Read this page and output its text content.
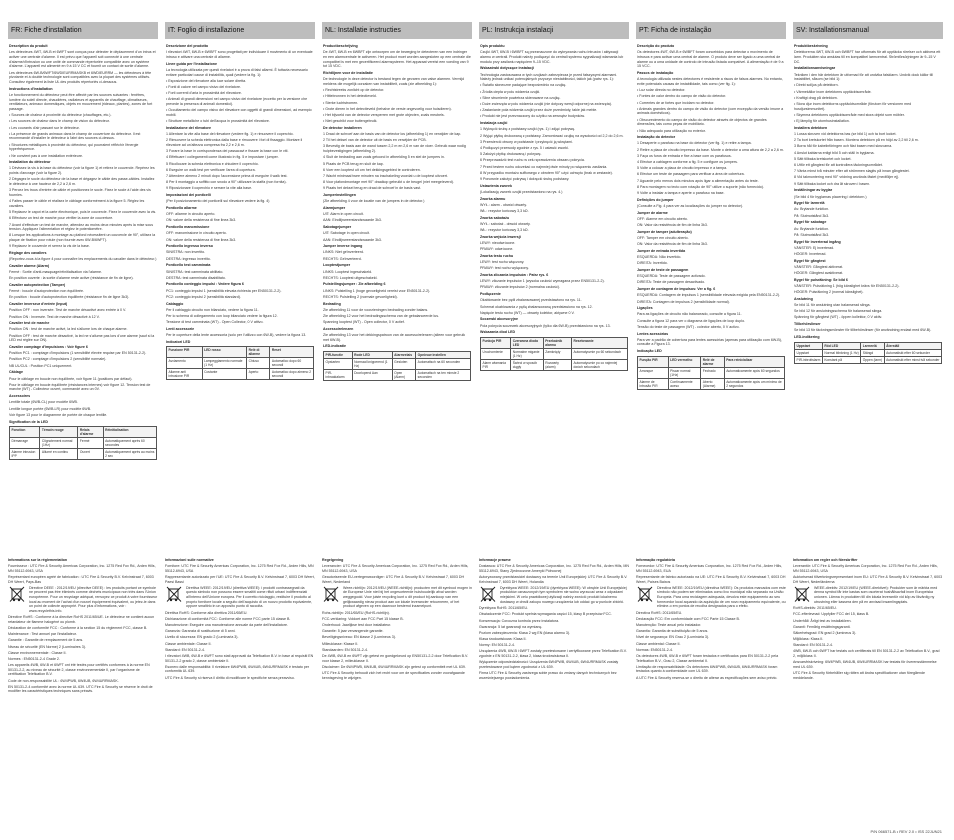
FR: Fiche d'installation

Description du produit

Les détecteurs 4WT, 4W-B et 6WFT sont conçus pour détecter le déplacement d'un intrus et activer une centrale d'alarme. Il est prévu que l'appareil soit connecté à une centrale d'alarme/d'intrusion ou une unité de commande répertoriée compatible avec un système d'alarme. L'appareil est alimenté en 9 à 15 V CC et fournit un contact de sortie d'alarme.

Les détecteurs 6W-B/6WFT/6WDIEURRMASKB et 6WDIEURRM — les détecteurs à tête pivotante et à double technologie sont compatibles avec la plupart des systèmes utilisés. Consultez également la liste UL des produits répertoriés ci-dessous.

Instructions d'installation

Le fonctionnement du détecteur peut être affecté par les sources suivantes : fenêtres, lumière du soleil directe, chaudières, radiateurs et appareils de chauffage, climatiseurs, ventilateurs, animaux domestiques, objets en mouvement (rideaux, plantes), zones de fort passage.

• Sources de chaleur à proximité du détecteur (chauffages, etc.).

• Les sources de chaleur dans le champ de vision du détecteur.

• Les courants d'air passant sur le détecteur.

• La présence de grands animaux dans le champ de couverture du détecteur. Il est recommandé d'installer le détecteur à l'abri des sources ci-dessus.

• Structures métalliques à proximité du détecteur, qui pourraient réfléchir l'énergie hyperfréquence.

• Ne convient pas à une installation extérieure.

Installation du détecteur

1 Dévissez la vis à la base du détecteur (voir la figure 1) et retirez le couvercle. Repérez les points d'ancrage (voir la figure 2).

2 Dégagez le socle du détecteur de la base et dégagez le câble des passe-câbles. Installez le détecteur à une hauteur de 2,2 à 2,6 m.

3 Percez les trous d'entrée de câble et positionnez le socle. Fixez le socle à l'aide des vis fournies.

4 Faites passer le câble et réalisez le câblage conformément à la figure 5. Réglez les cavaliers.

5 Replacez le capot et la carte électronique, puis le couvercle. Fixez le couvercle avec la vis.

6 Effectuez un test de marche pour vérifier la zone de couverture.

7 Avant d'effectuer un test de marche, attendez au moins deux minutes après la mise sous tension. Appliquez l'alimentation et réglez le potentiomètre.

8 Lorsque les applications à montage au plafond nécessitent un couvercle de 90°, utilisez la plaque de fixation pour rotule (non fournie avec 6W-B/6WFT).

9 Replacez le couvercle et serrez la vis de la base.

Réglage des cavaliers

(Reportez-vous à la figure 4 pour connaître les emplacements du cavalier dans le détecteur.)

Cavalier alarme (Alarm)

Fermé : Sortie d'anti-masquage/réinitialisation via l'alarme.

En position ouverte : la sortie d'alarme reste active (résistance de fin de ligne).

Cavalier autoprotection (Tamper)

Fermé : boucle d'autoprotection non équilibrée.

En position : boucle d'autoprotection équilibrée (résistance fin de ligne 3k3).

Cavalier inverseur d'entrée (Input)

Position OFF : non inversée. Test de marche désactivé avec entrée à 0 V.

Position ON : Inversée. Test de marche désactivé à 12 V.

Cavalier test de marche

Position ON : test de marche activé, la led s'allume lors de chaque alarme.

Position OFF : test de marche désactivé, la led ne s'allume pas lors d'une alarme (sauf si la LED est réglée sur ON).

Cavalier comptage d'impulsions : Voir figure 6

Position PC1 : comptage d'impulsions (1 sensibilité élevée requise par EN 50131-2-2).

Position PC2 : comptage d'impulsions 2 (sensibilité normale).

NB UL/CUL : Position PC1 uniquement.

Câblage

Pour le câblage en boucle non équilibrée, voir figure 11 (positions par défaut).

Pour le câblage en boucle équilibrée (résistances internes) voir figure 12. Tension test de marche (WT) - Collecteur ouvert, commandé avec un 0V.

Accessoires

Lentille totale (6WB-CL) pour modèle 6WB.

Lentille longue portée (6WB-LR) pour modèle 6WB.

Voir figure 13 pour le diagramme de portée de chaque lentille.

Signification de la LED

Fonction	Témoin rouge	Relais d'alarme	Réinitialisation
Démarrage	Clignotement normal (1Hz)	Fermé	Automatiquement après 60 secondes
Alarme intrusion IPP	Allumé en continu	Ouvert	Automatiquement après au moins 2 sec

Informations sur la réglementation

Fournisseur : UTC Fire & Security Americas Corporation, Inc. 1275 Red Fox Rd., Arden Hills, MN 55112-6943, USA

Représentant européen agréé de fabrication : UTC Fire & Security B.V. Kelvinstraat 7, 6003 DH Weert, Pays-Bas

Directive DEEE : 2012/19/EU (directive DEEE) : les produits portant ce symbole ne peuvent pas être éliminés comme déchets municipaux non triés dans l'Union européenne. Pour un recyclage adéquat, renvoyez ce produit à votre fournisseur local au moment de l'achat d'un nouvel équipement équivalent, ou jetez-le dans un point de collecte approprié. Pour plus d'informations, voir : www.recyclethis.info.

Directive RoHS : Conforme à la directive RoHS 2011/65/UE. Le détecteur ne contient aucun retardateur de flamme halogéné ou plomb.

Déclaration de conformité FCC : Conforme à la section 15 du règlement FCC, classe B.

Maintenance : Test annuel par l'installateur.

Garantie : Garantie de remplacement de 5 ans.

Niveau de sécurité (EN Norme) 2 (Luminaires 3).

Classe environnementale : Classe II.

Normes : EN50131-2-4 Grade 2.

Les appareils 4WB, 6W-B et 6WFT ont été testés pour certifiés conformes à la norme EN 50131-2-2, au niveau de sécurité 2, classe environnementale II, par l'organisme de certification Telefication B.V.

Code de non-responsabilité UL : 6W4PWB, 6W4UB, 6W4URRMASK.

EN 50131-2-4 conformité avec la norme UL 639. UTC Fire & Security se réserve le droit de modifier les caractéristiques techniques sans préavis.

IT: Foglio di installazione

Descrizione del prodotto

I rilevatori 4WT, 6W-B e 6WBFT sono progettati per individuare il movimento di un eventuale intruso e attivare una centrale di allarme.

Linee guida per l'installazione

La tecnologia utilizzata per questi rivelatori è a prova di falsi allarmi. È tuttavia necessario evitare particolari cause di instabilità, quali (vedere la fig. 1):

• Esposizione del rilevatore alla luce solare diretta.

• Fonti di calore nel campo visivo del rivelatore.

• Forti correnti d'aria in prossimità del rilevatore.

• Animali di grandi dimensioni nel campo visivo del rivelatore (eccetto per la versione che prevede la presenza di animali domestici).

• Occultamento del campo visivo del rilevatore con oggetti di grandi dimensioni, ad esempio mobili.

• Strutture metalliche o tubi dell'acqua in prossimità del rilevatore.

Installazione del rilevatore

1 Allentare la vite alla base del rilevatore (vedere fig. 1) e rimuovere il coperchio.

2 Rimuovere la scheda elettronica dalla base e rimuovere i fori di fissaggio. Montare il rilevatore ad un'altezza compresa fra 2,2 e 2,6 m.

3 Forare la base in corrispondenza dei passacavi e fissare la base con le viti.

4 Effettuare i collegamenti come illustrato in fig. 5 e impostare i jumper.

5 Ricollocare la scheda elettronica e chiudere il coperchio.

6 Eseguire un walk test per verificare l'area di copertura.

7 Attendere almeno 2 minuti dopo l'accensione prima di eseguire il walk test.

8 Per il montaggio a soffitto con snodo a 90° utilizzare la staffa (non fornita).

9 Riposizionare il coperchio e serrare la vite alla base.

Impostazioni dei ponticelli

(Per il posizionamento dei ponticelli sul rilevatore vedere la fig. 4)

Ponticello allarme

OFF: allarme in circuito aperto.

ON: valore della resistenza di fine linea 3k3.

Ponticello manomissione

OFF: manomissione in circuito aperto.

ON: valore della resistenza di fine linea 3k3.

Ponticello ingresso inverso

SINISTRA: non invertito.

DESTRA: ingresso invertito.

Ponticello test camminata

SINISTRA: test camminata abilitato.

DESTRA: test camminata disabilitato.

Ponticello conteggio impulsi : Vedere figura 6

PC1: conteggio impulsi 1 (sensibilità elevata richiesta per EN50131-2-2).

PC2: conteggio impulsi 2 (sensibilità standard).

Cablaggio

Per il cablaggio circuito non bilanciato, vedere la figura 11.

Per lo schema di collegamento con loop bilanciato vedere la figura 12.

Tensione di test camminata (WT) - Open Collector, 0 V attivo.

Lenti accessorie

Per le coperture della lente accessoria (solo per l'utilizzo con 6W-B), vedere la figura 13.

Indicatori LED

Funzione PIR	LED rosso	Relè di allarme	Reset
Avviamento	Lampeggiamento normale (1 Hz)	Chiuso	Automatico dopo 60 secondi
Allarme anti intrusione PIR	Costante	Aperto	Automatico dopo almeno 2 secondi

Informazioni sulle normative

Fornitore: UTC Fire & Security Americas Corporation, Inc. 1275 Red Fox Rd., Arden Hills, MN 55112-6943, USA

Rappresentante autorizzato per l'UE: UTC Fire & Security B.V. Kelvinstraat 7, 6003 DH Weert, Paesi Bassi

Direttiva WEEE: 2012/19/EU (direttiva WEEE): i prodotti contrassegnati da questo simbolo non possono essere smaltiti come rifiuti urbani indifferenziati all'interno dell'Unione europea. Per il corretto riciclaggio, restituire il prodotto al proprio fornitore locale a seguito dell'acquisto di un nuovo prodotto equivalente, oppure smaltirlo in un apposito punto di raccolta.

Direttiva RoHS: Conforme alla direttiva 2011/65/EU.

Dichiarazione di conformità FCC: Conforme alle norme FCC parte 15 classe B.

Manutenzione: Eseguire una manutenzione annuale da parte dell'installatore.

Garanzia: Garanzia di sostituzione di 5 anni.

Livello di sicurezza: EN grado 2 (Luminaria 3).

Classe ambientale: Classe II.

Standard: EN 50131-2-4.

I rilevatori 4WB, 6W-B e 6WFT sono stati approvati da Telefication B.V. in base ai requisiti EN 50131-2-2 grado 2, classe ambientale II.

Esonero dalle responsabilità: Il rivelatore 6W4PWB, 6W4UB, 6W4URRMASK è testato per conformità UL 639.

UTC Fire & Security si riserva il diritto di modificare le specifiche senza preavviso.

NL: Installatie instructies

Productbeschrijving

De 4WT, 6W-B en 6WBFT zijn ontworpen om de beweging te detecteren van een indringer en een alarmcentrale te activeren. Het product moet worden aangesloten op een centrale die compatibel is met een gecertificeerd alarmsysteem. Het apparaat vereist een voeding van 9 tot 15 VDC.

Richtlijnen voor de installatie

De technologie in deze detector is bestand tegen de gevaren van valse alarmen. Vermijd meldens die mogelijk oorzaken van instabiliteit, zoals (zie afbeelding 1):

• Rechtstreeks zonlicht op de detector.

• Hittebronnen in het detectieveld.

• Sterke luchtstromen.

• Grote dieren in het detectieveld (behalve de versie ongevoelig voor huisdieren).

• Het bijvoeld van de detector versperren met grote objecten, zoals meubels.

• Niet geschikt voor buitengebruik.

De detector installeren

1 Draai de schroef aan de basis van de detector los (afbeelding 1) en verwijder de kap.

2 Til het deksel van de detector uit de basis en verwijder de PCB.

3 Bevestig de basis aan de wand tussen 2,2 m en 2,6 m van de vloer. Gebruik waar nodig hulpbevestigingen (afbeelding 2).

4 Sluit de bedrading aan zoals getoond in afbeelding 5 en stel de jumpers in.

5 Plaats de PCB terug en sluit de kap.

6 Voer een looptest uit om het dekkingsgebied te controleren.

7 Wacht minimaal twee minuten na inschakeling voordat u de looptest uitvoert.

8 Voor plafondmontage met 90° draaikop gebruikt u de beugel (niet meegeleverd).

9 Plaats het deksel terug en draai de schroef in de basis vast.

Jumperinstellingen

(Zie afbeelding 4 voor de locatie van de jumpers in de detector.)

Alarmjumper

UIT: Alarm in open circuit.

AAN: Eindlijnweerstandswaarde 3k3.

Sabotagejumper

UIT: Sabotage in open circuit.

AAN: Eindlijnweerstandswaarde 3k3.

Jumper inverse ingang

LINKS: Niet geïnverteerd.

RECHTS: Geïnverteerd.

Looptestjumper

LINKS: Looptest ingeschakeld.

RECHTS: Looptest uitgeschakeld.

Pulstellingsjumper : Zie afbeelding 6

LINKS: Pulstelling 1 (hoge gevoeligheid vereist voor EN50131-2-2).

RECHTS: Pulstelling 2 (normale gevoeligheid).

Bedrading

Zie afbeelding 11 voor de voorzieningen bedrading zonder balans.

Zie afbeelding 12 voor het bedradingsschema van de gebalanceerde lus.

Spanning looptest (WT) - Open collector, 0 V actief.

Accessoirelenzen

Zie afbeelding 13 voor het dekkingspatroon van de accessoirelenzen (alleen voor gebruik met 6W-B).

LED-indicatie

PIR-functie	Rode LED	Alarmrelais	Opnieuw instellen
Opstarten	Normaal knipperend (1 Hz)	Gesloten	Automatisch na 60 seconden
PIR-inbraakalarm	Doorlopend Aan	Open (Alarm)	Automatisch na ten minste 2 seconden

Regelgeving

Leverancier: UTC Fire & Security Americas Corporation, Inc. 1275 Red Fox Rd., Arden Hills, MN 55112-6943, USA

Geautoriseerde EU-vertegenwoordiger: UTC Fire & Security B.V. Kelvinstraat 7, 6003 DH Weert, Nederland

Weee-richtlijn: 2012/19/EU (WEEE-richtlijn): producten met dit symbool mogen in de Europese Unie niet bij het ongesorteerde huishoudelijk afval worden weggegooid. Voor juiste recycling kunt u dit product bij aankoop van een gelijkwaardig nieuw product aan uw lokale leverancier retourneren, of het product afgeven op een daarvoor bestemd inzamelpunt.

Rohs-richtlijn: 2011/65/EU (RoHS-richtlijn).

FCC-verklaring: Voldoet aan FCC Part 15 klasse B.

Onderhoud: Jaarlijkse test door installateur.

Garantie: 5 jaar vervangende garantie.

Beveiligingsniveau: EN klasse 2 (Lumineus 3).

Milieuklasse: Klasse II.

Standaarden: EN 50131-2-4.

De 4WB, 6W-B en 6WFT zijn getest en goedgekeurd op EN50131-2-2 door Telefication B.V. voor klasse 2, milieuklasse II.

Disclaimer: De 6W4PWB, 6W4UB, 6W4URRMASK zijn getest op conformiteit met UL 639.

UTC Fire & Security behoudt zich het recht voor om de specificaties zonder voorafgaande kennisgeving te wijzigen.

PL: Instrukcja instalacji

Opis produktu

Czujki 4WT, 6W-B i 6WBFT są przeznaczone do wykrywania ruchu intruzów i aktywacji alarmu w centrali. Produkt należy podłączyć do centrali systemu sygnalizacji włamania lub modułu przy zasilaniu napięciem 9–15 VDC.

Wskazówki dotyczące instalacji

Technologia zastosowana w tych czujkach zabezpiecza je przed fałszywymi alarmami. Należy jednak unikać potencjalnych przyczyn niestabilności, takich jak (patrz rys. 1):

• Światło słoneczne padające bezpośrednio na czujkę.

• Źródła ciepła w polu widzenia czujki.

• Silne strumienie powietrza skierowane na czujkę.

• Duże zwierzęta w polu widzenia czujki (nie dotyczy wersji odpornej na zwierzęta).

• Zasłanianie pola widzenia czujki przez duże przedmioty, takie jak meble.

• Produkt nie jest przeznaczony do użytku na zewnątrz budynków.

Instalacja czujki

1 Wykręcić śrubę z podstawy czujki (rys. 1) i zdjąć pokrywę.

2 Wyjąć płytkę drukowaną z podstawy. Zamontować czujkę na wysokości od 2,2 do 2,6 m.

3 Przewiercić otwory w podstawie i przykręcić ją wkrętami.

4 Podłączyć przewody zgodnie z rys. 5 i ustawić zworki.

5 Założyć płytkę drukowaną i pokrywę.

6 Przeprowadzić test ruchu w celu sprawdzenia obszaru pokrycia.

7 Przed testem ruchu odczekać co najmniej dwie minuty po włączeniu zasilania.

8 W przypadku montażu sufitowego z obrotem 90° użyć uchwytu (brak w zestawie).

9 Ponownie założyć pokrywę i dokręcić śrubę podstawy.

Ustawienia zworek

(Lokalizację zworek czujki przedstawiono na rys. 4.)

Zworka alarmu

WYŁ.: alarm - obwód otwarty.

WŁ.: rezystor końcowy 3,3 kΩ.

Zworka sabotażu

WYŁ.: sabotaż - obwód otwarty.

WŁ.: rezystor końcowy 3,3 kΩ.

Zworka wejścia inwersji

LEWY: nieodwrócone.

PRAWY: odwrócone.

Zworka testu ruchu

LEWY: test ruchu włączony.

PRAWY: test ruchu wyłączony.

Zworka zliczania impulsów : Patrz rys. 6

LEWY: zliczanie impulsów 1 (wysoka czułość wymagana przez EN50131-2-2).

PRAWY: zliczanie impulsów 2 (normalna czułość).

Podłączenie

Okablowanie bez pętli zbalansowanej przedstawiono na rys. 11.

Schemat okablowania z pętlą zbalansowaną przedstawiono na rys. 12.

Napięcie testu ruchu (WT) — otwarty kolektor, aktywne 0 V.

Soczewki akcesoryjne

Pola pokrycia soczewek akcesoryjnych (tylko dla 6W-B) przedstawiono na rys. 13.

Wskazania diod LED

Funkcja PIR	Czerwona dioda LED	Przekaźnik alarmu	Resetowanie
Uruchomienie	Normalne miganie (1 Hz)	Zamknięty	Automatycznie po 60 sekundach
Alarm włamania PIR	Świeci w sposób ciągły	Rozwarty (alarm)	Automatycznie po co najmniej dwóch sekundach

Informacje prawne

Dostawca: UTC Fire & Security Americas Corporation, Inc. 1275 Red Fox Rd., Arden Hills, MN 55112-6943, Stany Zjednoczone Ameryki Północnej

Autoryzowany przedstawiciel dostawcy na terenie Unii Europejskiej: UTC Fire & Security B.V. Kelvinstraat 7, 6003 DH Weert, Holandia

Dyrektywa WEEE: 2012/19/EU (dyrektywa WEEE): W obrębie Unii Europejskiej produktów oznaczonych tym symbolem nie wolno wyrzucać wraz z odpadami miejskimi. W celu prawidłowej utylizacji należy zwrócić produkt lokalnemu dostawcy w chwili zakupu nowego urządzenia lub oddać go w punkcie zbiórki.

Dyrektywa RoHS: 2011/65/EU.

Oświadczenie FCC: Produkt spełnia wymagania części 15, klasy B przepisów FCC.

Konserwacja: Coroczna kontrola przez instalatora.

Gwarancja: 5 lat gwarancji na wymianę.

Poziom zabezpieczenia: Klasa 2 wg EN (klasa alarmu 3).

Klasa środowiskowa: Klasa II.

Normy: EN 50131-2-4.

Urządzenia 4WB, 6W-B i 6WFT zostały przetestowane i certyfikowane przez Telefication B.V. zgodnie z EN 50131-2-2, klasa 2, klasa środowiskowa II.

Wyłączenie odpowiedzialności: Urządzenia 6W4PWB, 6W4UB, 6W4URRMASK zostały przetestowane pod kątem zgodności z UL 639.

Firma UTC Fire & Security zastrzega sobie prawo do zmiany danych technicznych bez wcześniejszego powiadomienia.

PT: Ficha de instalação

Descrição do produto

Os detectores 4WT, 6W-B e 6WBFT foram concebidos para detectar o movimento de intrusos e para activar uma central de alarme. O produto deve ser ligado a uma central de alarme ou a uma unidade de controlo de intrusão listada compatível. A alimentação é de 9 a 15 VCC.

Passos de instalação

A tecnologia utilizada nestes detectores é resistente a riscos de falsos alarmes. No entanto, evite potenciais causas de instabilidade, tais como (ver fig. 1):

• Luz solar directa no detector.

• Fontes de calor dentro do campo de visão do detector.

• Correntes de ar fortes que incidam no detector.

• Animais grandes dentro do campo de visão do detector (com excepção da versão imune a animais domésticos).

• Obscurecimento do campo de visão do detector através de objectos de grandes dimensões, tais como peças de mobiliário.

• Não adequado para utilização no exterior.

Instalação do detector

1 Desaperte o parafuso na base do detector (ver fig. 1) e retire a tampa.

2 Retire a placa de circuito impresso da base. Monte o detector a uma altura de 2,2 a 2,6 m.

3 Faça os furos de entrada e fixe a base com os parafusos.

4 Efectue a cablagem conforme a fig. 5 e configure os jumpers.

5 Volte a colocar a placa de circuito impresso e a tampa.

6 Efectue um teste de passagem para verificar a área de cobertura.

7 Aguarde pelo menos dois minutos após ligar a alimentação antes do teste.

8 Para montagem no tecto com rotação de 90° utilize o suporte (não fornecido).

9 Volte a instalar a tampa e aperte o parafuso na base.

Definições do jumper

(Consulte a Fig. 4 para ver as localizações do jumper no detector).

Jumper de alarme

OFF: Alarme em circuito aberto.

ON: Valor da resistência de fim de linha 3k3.

Jumper de tamper (adulteração)

OFF: Tamper em circuito aberto.

ON: Valor da resistência de fim de linha 3k3.

Jumper de entrada invertida

ESQUERDA: Não invertido.

DIREITA: Invertido.

Jumper de teste de passagem

ESQUERDA: Teste de passagem activado.

DIREITA: Teste de passagem desactivado.

Jumper de contagem de impulsos: Ver a fig. 6

ESQUERDA: Contagem de impulsos 1 (sensibilidade elevada exigida pela EN50131-2-2).

DIREITA: Contagem de impulsos 2 (sensibilidade normal).

Ligações

Para as ligações de circuito não balanceado, consulte a figura 11.

Consulte a figura 12 para ver o diagrama de ligações de loop duplo.

Tensão do teste de passagem (WT) - colector aberto, 0 V activo.

Lentes acessórias

Para ver a padrão de cobertura para lentes acessórias (apenas para utilização com 6W-B), consulte a Figura 13.

Indicação LED

Função PIR	LED vermelho	Relé de alarme	Para reinicializar
Arranque	Piscar normal (1Hz)	Fechado	Automaticamente após 60 segundos
Alarme de intrusão PIR	Continuamente aceso	Aberto (Alarme)	Automaticamente após um mínimo de 2 segundos

Informação regulatória

Fornecedor: UTC Fire & Security Americas Corporation, Inc. 1275 Red Fox Rd., Arden Hills, MN 55112-6943, EUA

Representante de fabrico autorizado na UE: UTC Fire & Security B.V. Kelvinstraat 7, 6003 DH Weert, Países Baixos

Directiva WEEE: 2012/19/EU (directiva WEEE): Os produtos marcados com este símbolo não podem ser eliminados como lixo municipal não separado na União Europeia. Para uma reciclagem adequada, devolva este equipamento ao seu fornecedor local aquando da aquisição de um novo equipamento equivalente, ou elimine-o em pontos de recolha designados para o efeito.

Directiva RoHS: 2011/65/EU.

Declaração FCC: Em conformidade com FCC Parte 15 Classe B.

Manutenção: Teste anual pelo instalador.

Garantia: Garantia de substituição de 5 anos.

Nível de segurança: EN Grau 2 (Luminária 3).

Classe ambiental: Classe II.

Normas: EN50131-2-4.

Os detectores 4WB, 6W-B e 6WFT foram testados e certificados para EN 50131-2-2 pela Telefication B.V., Grau 2, Classe ambiental II.

Limitação de responsabilidade: Os detectores 6W4PWB, 6W4UB, 6W4URRMASK foram testados quanto à conformidade com UL 639.

A UTC Fire & Security reserva-se o direito de alterar as especificações sem aviso prévio.

SV: Installationsmanual

Produktbeskrivning

Detektorerna 4WT, 6W-B och 6WBFT har utformats för att upptäcka rörelser och aktivera ett larm. Produkten ska anslutas till en kompatibel larmcentral. Strömförsörjningen är 9–15 V DC.

Installationsanvisningar

Tekniken i den här detektorn är utformad för att undvika falsklarm. Undvik dock källor till instabilitet, såsom (se bild 1):

• Direkt solljus på detektorn.

• Värmekällor inom detektorns upptäcktsområde.

• Kraftigt drag på detektorn.

• Stora djur inom detektorns upptäcktsområde (förutom för versionen med husdjursimmunitet).

• Skymma detektorns upptäcktsområde med stora objekt som möbler.

• Ej lämplig för utomhusinstallation.

Installera detektorn

1 Lossa skruven vid detektorns bas (se bild 1) och ta bort locket.

2 Ta bort kretskortet från basen. Montera detektorn på en höjd av 2,2 till 2,6 m.

3 Borra hål för kabelinföringen och fäst basen med skruvarna.

4 Anslut kablarna enligt bild 5 och ställ in byglarna.

5 Sätt tillbaka kretskortet och locket.

6 Utför ett gångtest för att kontrollera täckningsområdet.

7 Vänta minst två minuter efter att strömmen slagits på innan gångtestet.

8 Vid takmontering med 90° vridning används fästet (medföljer ej).

9 Sätt tillbaka locket och dra åt skruven i basen.

Inställningar av byglar

(Se bild 4 för byglarnas placering i detektorn.)

Bygel för larmrelä

Av: Brytande funktion.

På: Slutmotstånd 3k3.

Bygel för sabotage

Av: Brytande funktion.

På: Slutmotstånd 3k3.

Bygel för inverterad ingång

VÄNSTER: Ej inverterad.

HÖGER: Inverterad.

Bygel för gångtest

VÄNSTER: Gångtest aktiverat.

HÖGER: Gångtest avaktiverat.

Bygel för pulsräkning: Se bild 6

VÄNSTER: Pulsräkning 1 (hög känslighet krävs för EN50131-2-2).

HÖGER: Pulsräkning 2 (normal känslighet).

Anslutning

Se bild 11 för anslutning utan balanserad slinga.

Se bild 12 för anslutningsschema för balanserad slinga.

Spänning för gångtest (WT) - öppen kollektor, 0 V aktiv.

Tillbehörslinser

Se bild 13 för täckningsmönster för tillbehörslinser (för användning endast med 6W-B).

LED-indikering

Uppstart	Röd LED	Larmrelä	Återställ
Uppstart	Normal blinkning (1 Hz)	Stängd	Automatiskt efter 60 sekunder
PIR-inbrottslarm	Konstant på	Öppen (larm)	Automatiskt efter minst två sekunder

Information om regler och föreskrifter

Leverantör: UTC Fire & Security Americas Corporation, Inc. 1275 Red Fox Rd., Arden Hills, MN 55112-6943, USA

Auktoriserad tillverkningsrepresentant inom EU: UTC Fire & Security B.V. Kelvinstraat 7, 6003 DH Weert, Nederländerna

WEEE-direktiv: 2012/19/EU (WEEE-direktivet): Produkter som är märkta med denna symbol får inte kastas som osorterat hushållsavfall inom Europeiska unionen. Lämna in produkten till din lokala leverantör vid köp av likvärdig ny utrustning eller kassera den på en anvisad insamlingsplats.

RoHS-direktiv: 2011/65/EU.

FCC-efterlevnad: Uppfyller FCC del 15, klass B.

Underhåll: Årligt test av installatören.

Garanti: Femårig ersättningsgaranti.

Säkerhetsgrad: EN grad 2 (lumineus 3).

Miljöklass: Klass II.

Standard: EN 50131-2-4.

4WB, 6W-B och 6WFT har testats och certifierats till EN 50131-2-2 av Telefication B.V., grad 2, miljöklass II.

Ansvarsfriskrivning: 6W4PWB, 6W4UB, 6W4URRMASK har testats för överensstämmelse med UL 639.

UTC Fire & Security förbehåller sig rätten att ändra specifikationer utan föregående meddelande.

P/N 066571-B • REV 2.0 • ISS 22JUN21
